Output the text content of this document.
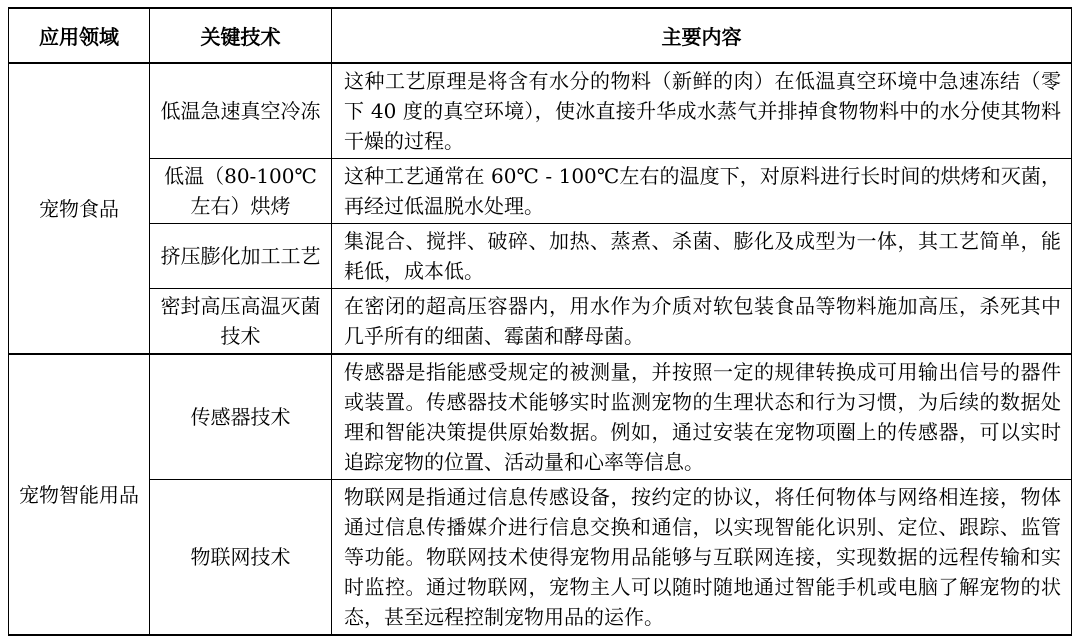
应用领域	关键技术	主要内容
宠物食品	低温急速真空冷冻	这种工艺原理是将含有水分的物料（新鲜的肉）在低温真空环境中急速冻结（零下 40 度的真空环境），使冰直接升华成水蒸气并排掉食物物料中的水分使其物料干燥的过程。
	低温（80-100℃左右）烘烤	这种工艺通常在 60℃ - 100℃左右的温度下，对原料进行长时间的烘烤和灭菌，再经过低温脱水处理。
	挤压膨化加工工艺	集混合、搅拌、破碎、加热、蒸煮、杀菌、膨化及成型为一体，其工艺简单，能耗低，成本低。
	密封高压高温灭菌技术	在密闭的超高压容器内，用水作为介质对软包装食品等物料施加高压，杀死其中几乎所有的细菌、霉菌和酵母菌。
宠物智能用品	传感器技术	传感器是指能感受规定的被测量，并按照一定的规律转换成可用输出信号的器件或装置。传感器技术能够实时监测宠物的生理状态和行为习惯，为后续的数据处理和智能决策提供原始数据。例如，通过安装在宠物项圈上的传感器，可以实时追踪宠物的位置、活动量和心率等信息。
	物联网技术	物联网是指通过信息传感设备，按约定的协议，将任何物体与网络相连接，物体通过信息传播媒介进行信息交换和通信，以实现智能化识别、定位、跟踪、监管等功能。物联网技术使得宠物用品能够与互联网连接，实现数据的远程传输和实时监控。通过物联网，宠物主人可以随时随地通过智能手机或电脑了解宠物的状态，甚至远程控制宠物用品的运作。
